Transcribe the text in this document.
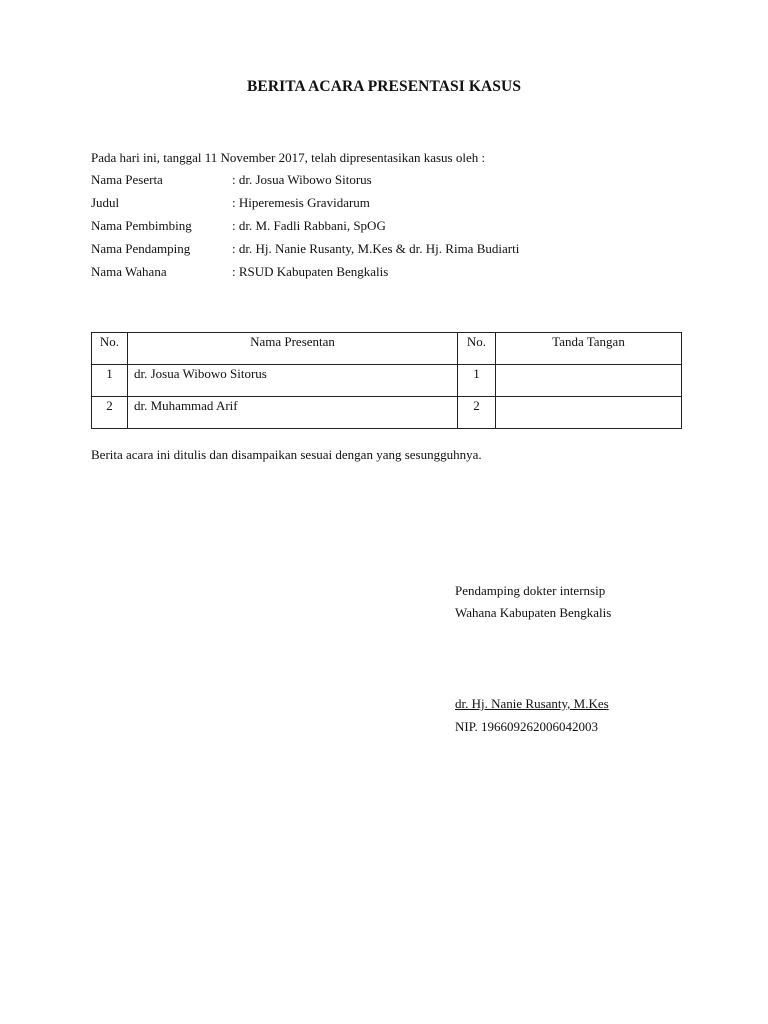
BERITA ACARA PRESENTASI KASUS
Pada hari ini, tanggal 11 November 2017, telah dipresentasikan kasus oleh :
Nama Peserta	: dr. Josua Wibowo Sitorus
Judul	: Hiperemesis Gravidarum
Nama Pembimbing	: dr. M. Fadli Rabbani, SpOG
Nama Pendamping	: dr. Hj. Nanie Rusanty, M.Kes & dr. Hj. Rima Budiarti
Nama Wahana	: RSUD Kabupaten Bengkalis
No.	Nama Presentan	No.	Tanda Tangan
1	dr. Josua Wibowo Sitorus	1	
2	dr. Muhammad Arif	2	
Berita acara ini ditulis dan disampaikan sesuai dengan yang sesungguhnya.
Pendamping dokter internsip
Wahana Kabupaten Bengkalis
dr. Hj. Nanie Rusanty, M.Kes
NIP. 196609262006042003
